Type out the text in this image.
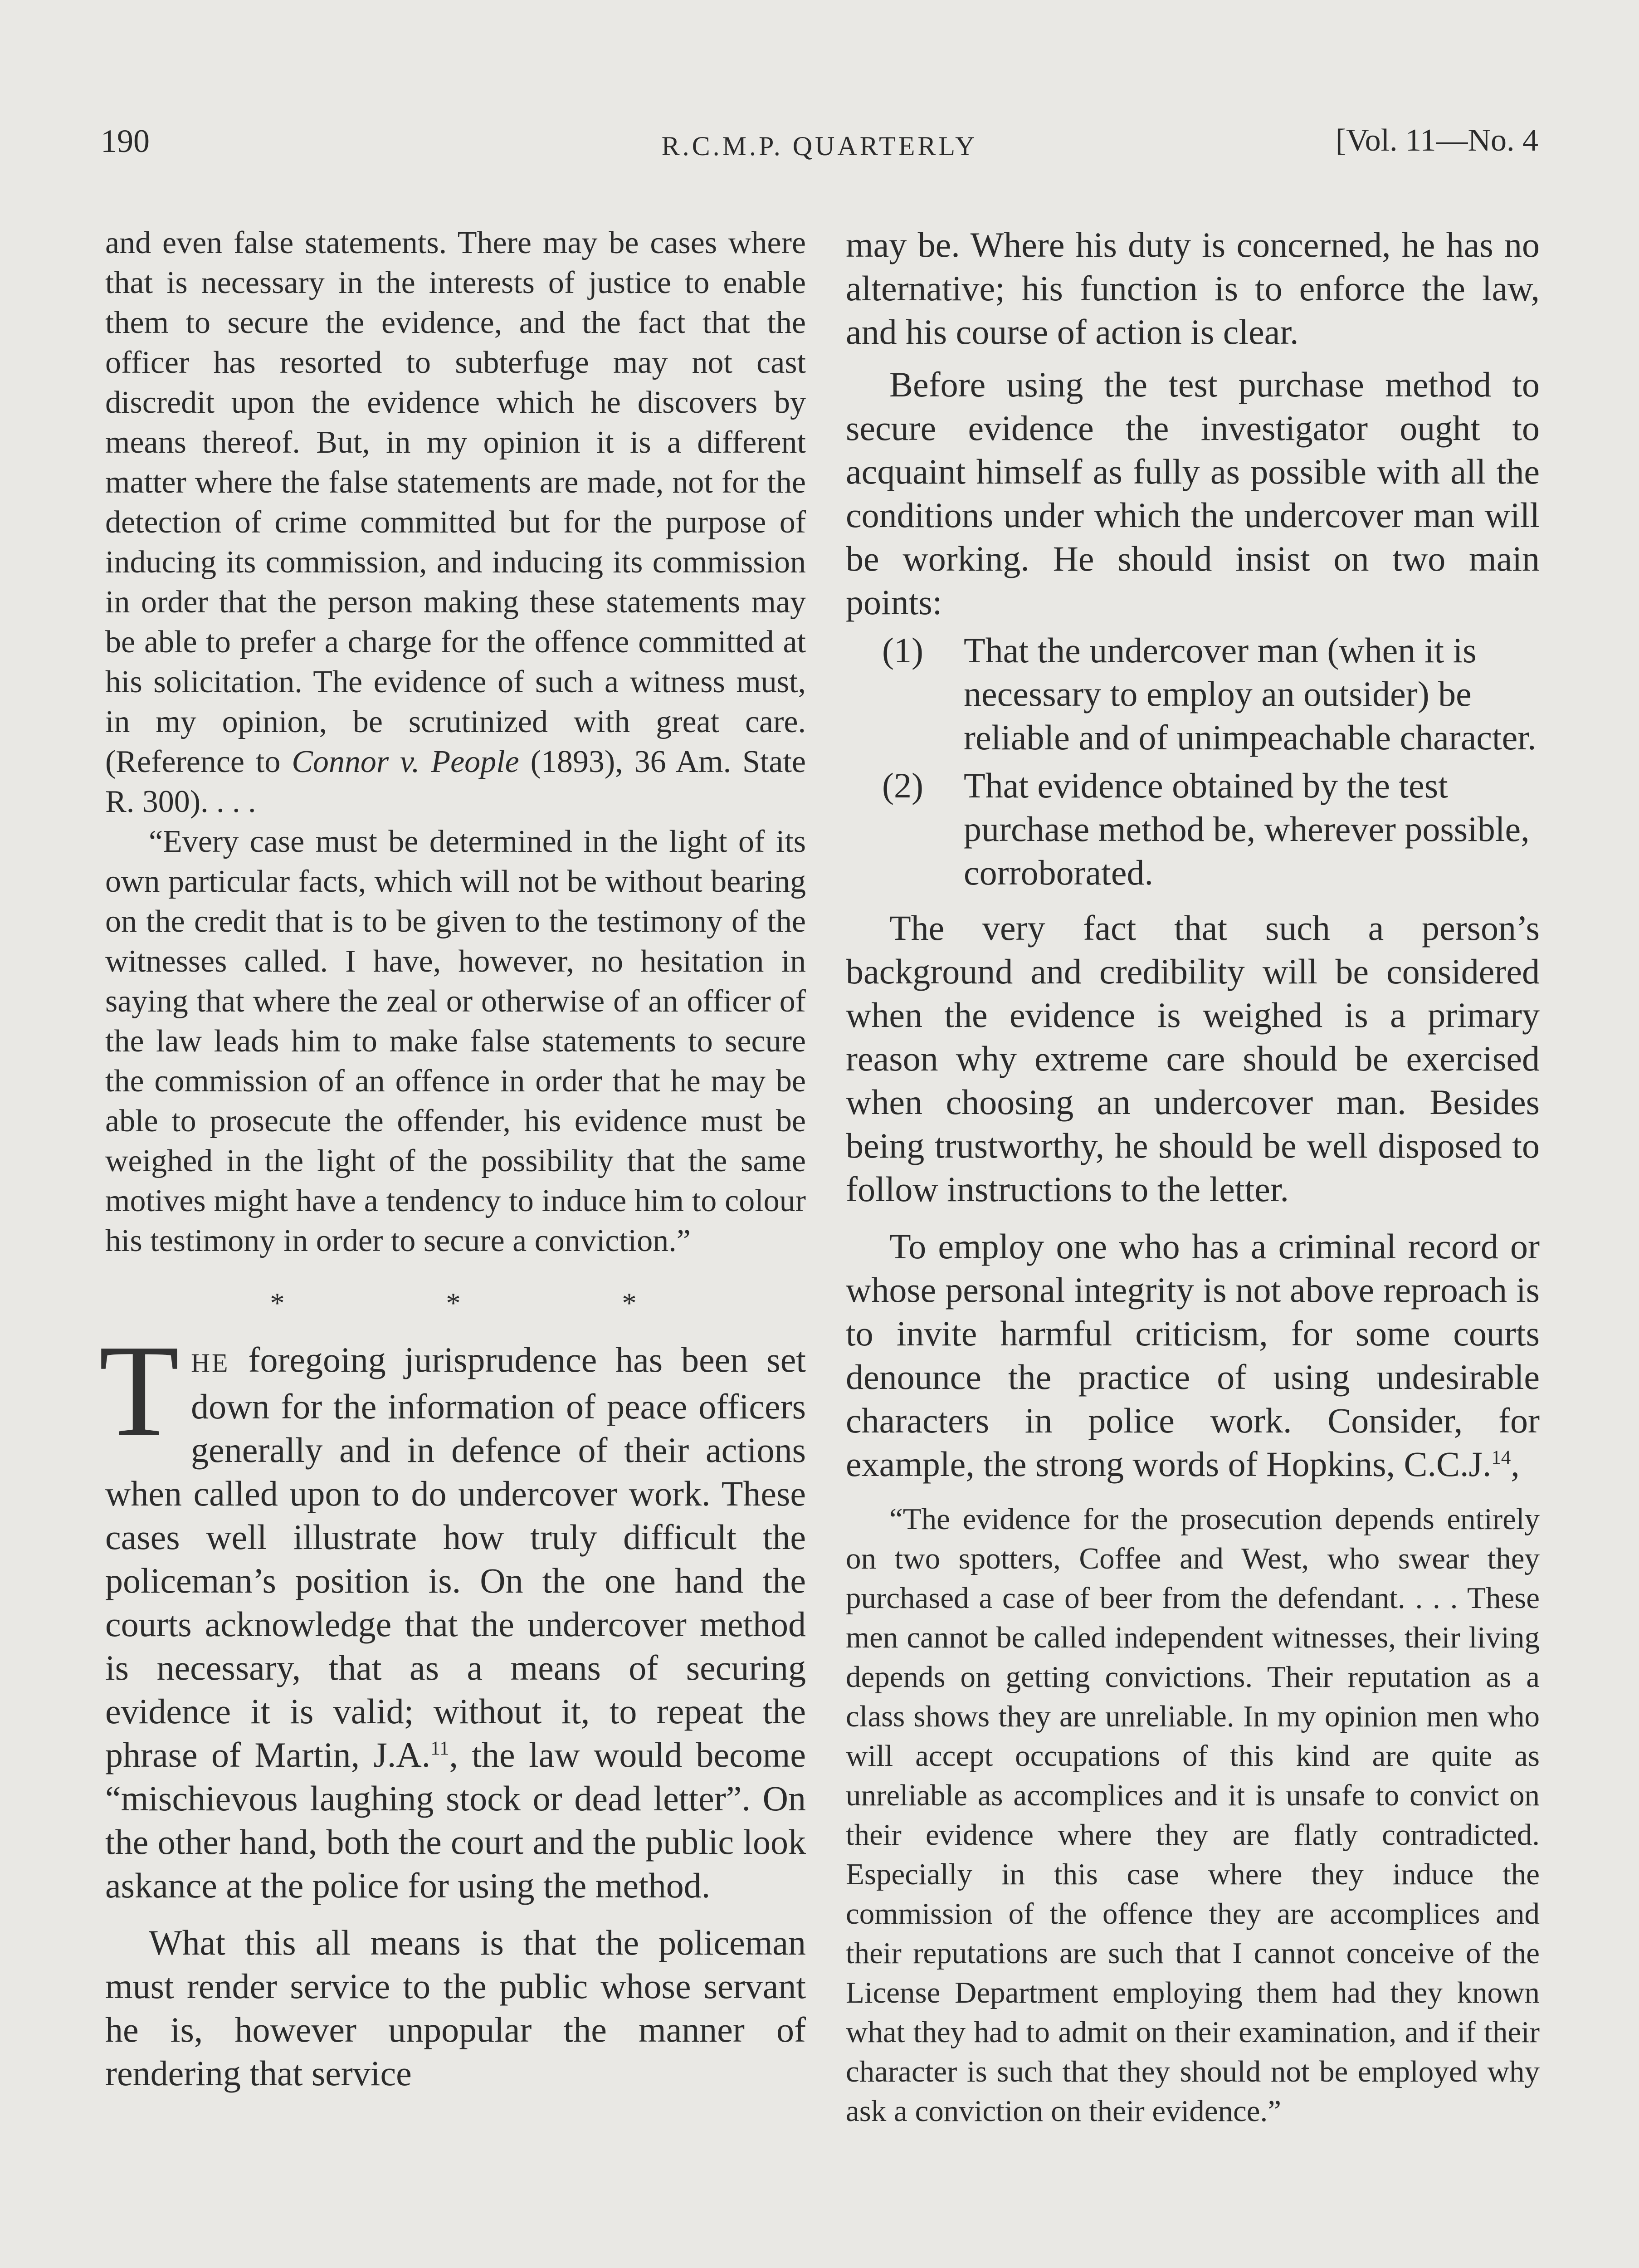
190	R.C.M.P. QUARTERLY	[Vol. 11—No. 4

and even false statements. There may be cases where that is necessary in the interests of justice to enable them to secure the evidence, and the fact that the officer has resorted to subterfuge may not cast discredit upon the evidence which he discovers by means thereof. But, in my opinion it is a different matter where the false statements are made, not for the detection of crime committed but for the purpose of inducing its commission, and inducing its commission in order that the person making these statements may be able to prefer a charge for the offence committed at his solicitation. The evidence of such a witness must, in my opinion, be scrutinized with great care. (Reference to Connor v. People (1893), 36 Am. State R. 300). . . .

“Every case must be determined in the light of its own particular facts, which will not be without bearing on the credit that is to be given to the testimony of the witnesses called. I have, however, no hesitation in saying that where the zeal or otherwise of an officer of the law leads him to make false statements to secure the commission of an offence in order that he may be able to prosecute the offender, his evidence must be weighed in the light of the possibility that the same motives might have a tendency to induce him to colour his testimony in order to secure a conviction.”

* * *

THE foregoing jurisprudence has been set down for the information of peace officers generally and in defence of their actions when called upon to do undercover work. These cases well illustrate how truly difficult the policeman’s position is. On the one hand the courts acknowledge that the undercover method is necessary, that as a means of securing evidence it is valid; without it, to repeat the phrase of Martin, J.A.$^{11}$, the law would become “mischievous laughing stock or dead letter”. On the other hand, both the court and the public look askance at the police for using the method.

What this all means is that the policeman must render service to the public whose servant he is, however unpopular the manner of rendering that service

may be. Where his duty is concerned, he has no alternative; his function is to enforce the law, and his course of action is clear.

Before using the test purchase method to secure evidence the investigator ought to acquaint himself as fully as possible with all the conditions under which the undercover man will be working. He should insist on two main points:

(1) That the undercover man (when it is necessary to employ an outsider) be reliable and of unimpeachable character.
(2) That evidence obtained by the test purchase method be, wherever possible, corroborated.

The very fact that such a person’s background and credibility will be considered when the evidence is weighed is a primary reason why extreme care should be exercised when choosing an undercover man. Besides being trustworthy, he should be well disposed to follow instructions to the letter.

To employ one who has a criminal record or whose personal integrity is not above reproach is to invite harmful criticism, for some courts denounce the practice of using undesirable characters in police work. Consider, for example, the strong words of Hopkins, C.C.J.$^{14}$,

“The evidence for the prosecution depends entirely on two spotters, Coffee and West, who swear they purchased a case of beer from the defendant. . . . These men cannot be called independent witnesses, their living depends on getting convictions. Their reputation as a class shows they are unreliable. In my opinion men who will accept occupations of this kind are quite as unreliable as accomplices and it is unsafe to convict on their evidence where they are flatly contradicted. Especially in this case where they induce the commission of the offence they are accomplices and their reputations are such that I cannot conceive of the License Department employing them had they known what they had to admit on their examination, and if their character is such that they should not be employed why ask a conviction on their evidence.”
